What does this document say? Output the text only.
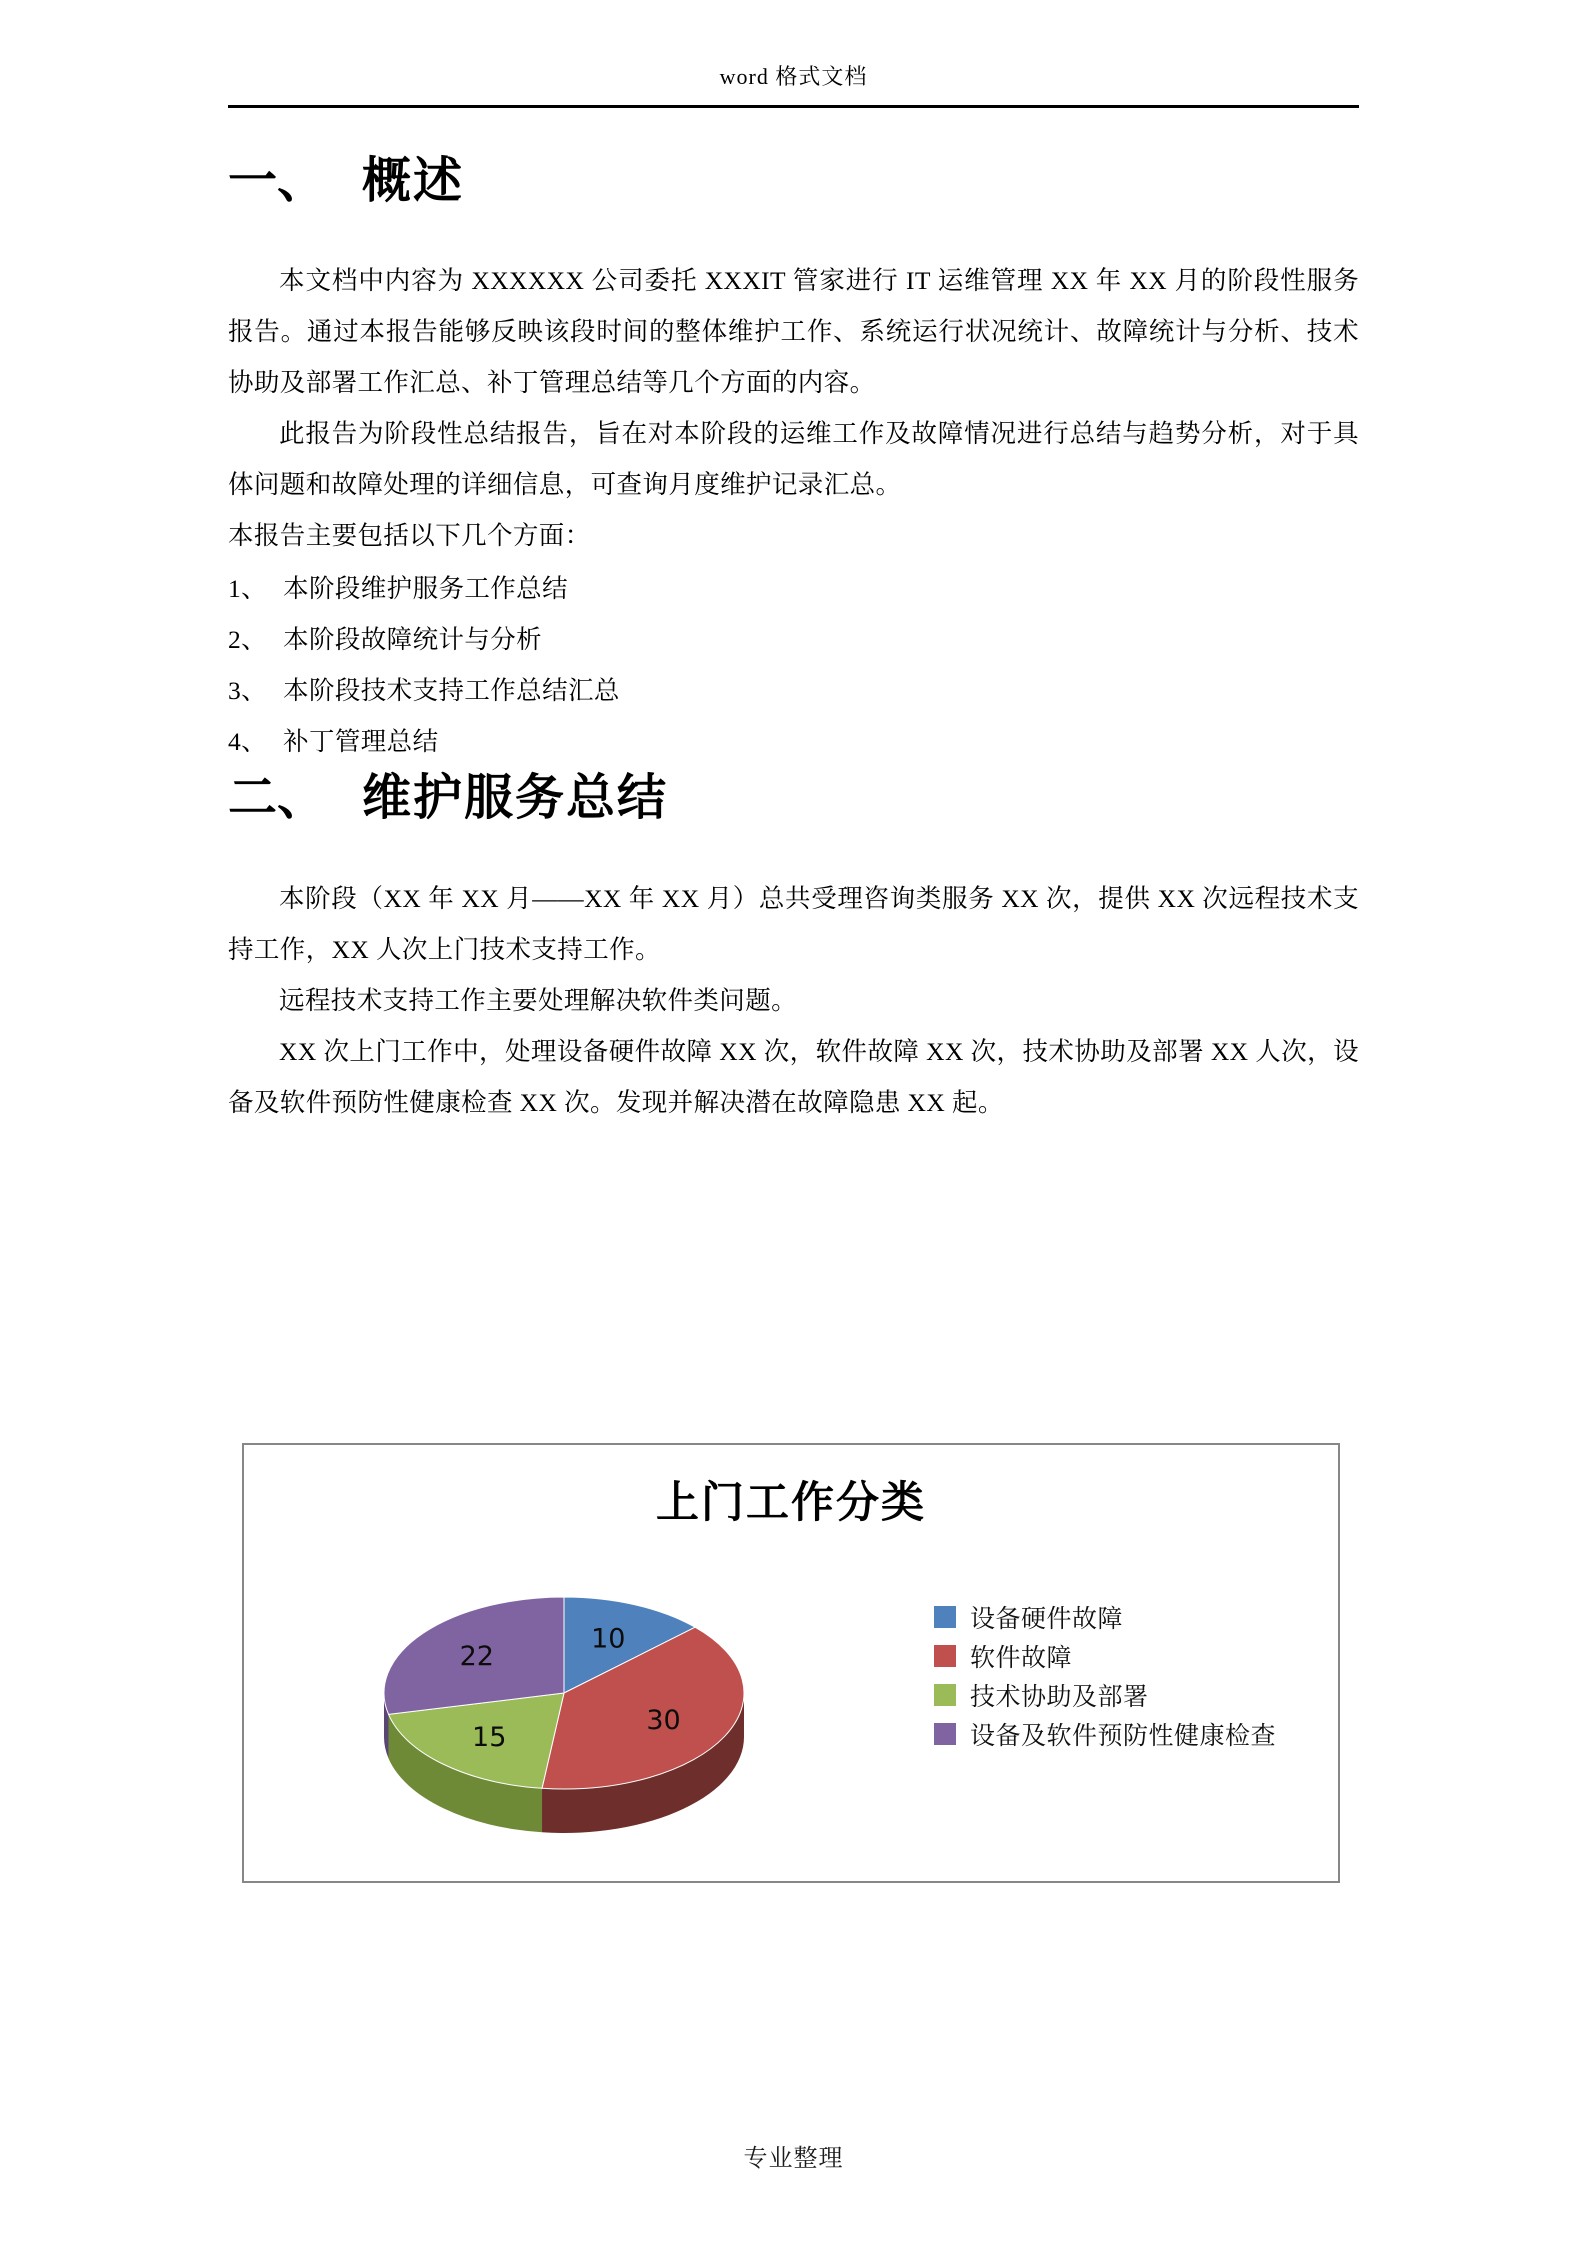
word 格式文档
一、 概述

本文档中内容为 XXXXXX 公司委托 XXXIT 管家进行 IT 运维管理 XX 年 XX 月的阶段性服务报告。通过本报告能够反映该段时间的整体维护工作、系统运行状况统计、故障统计与分析、技术协助及部署工作汇总、补丁管理总结等几个方面的内容。

此报告为阶段性总结报告，旨在对本阶段的运维工作及故障情况进行总结与趋势分析，对于具体问题和故障处理的详细信息，可查询月度维护记录汇总。

本报告主要包括以下几个方面：

1、 本阶段维护服务工作总结
2、 本阶段故障统计与分析
3、 本阶段技术支持工作总结汇总
4、 补丁管理总结
二、 维护服务总结

本阶段（XX 年 XX 月——XX 年 XX 月）总共受理咨询类服务 XX 次，提供 XX 次远程技术支持工作，XX 人次上门技术支持工作。

远程技术支持工作主要处理解决软件类问题。

XX 次上门工作中，处理设备硬件故障 XX 次，软件故障 XX 次，技术协助及部署 XX 人次，设备及软件预防性健康检查 XX 次。发现并解决潜在故障隐患 XX 起。

上门工作分类
10
30
15
22
设备硬件故障
软件故障
技术协助及部署
设备及软件预防性健康检查
专业整理
